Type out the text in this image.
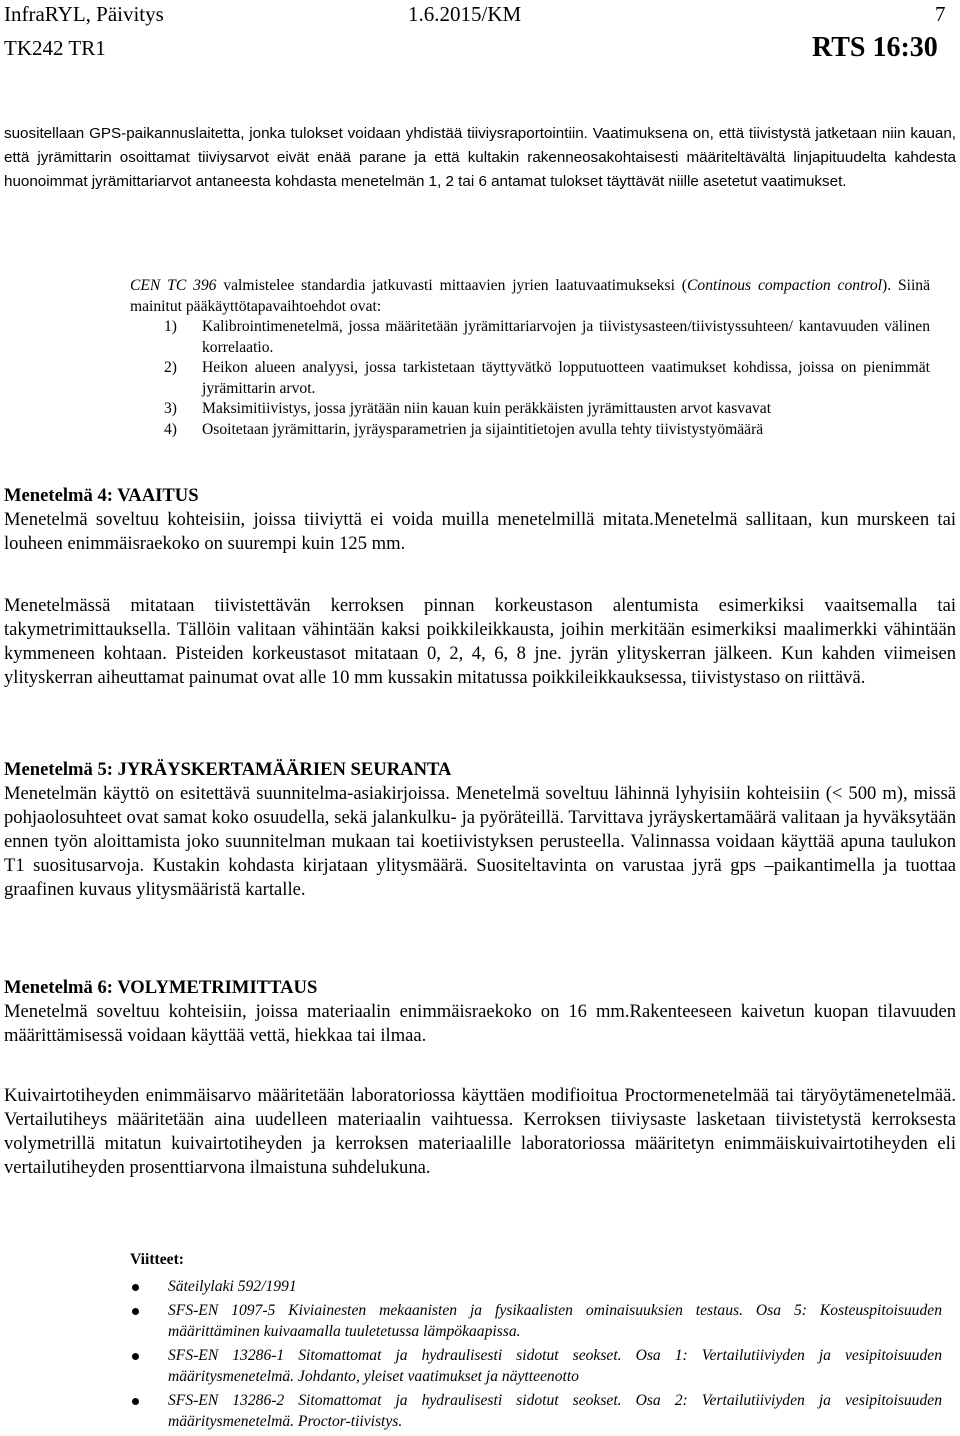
InfraRYL, Päivitys	1.6.2015/KM	7
TK242 TR1	RTS 16:30

suositellaan GPS-paikannuslaitetta, jonka tulokset voidaan yhdistää tiiviysraportointiin. Vaatimuksena on, että tiivistystä jatketaan niin kauan, että jyrämittarin osoittamat tiiviysarvot eivät enää parane ja että kultakin rakenneosakohtaisesti määriteltävältä linjapituudelta kahdesta huonoimmat jyrämittariarvot antaneesta kohdasta menetelmän 1, 2 tai 6 antamat tulokset täyttävät niille asetetut vaatimukset.

CEN TC 396 valmistelee standardia jatkuvasti mittaavien jyrien laatuvaatimukseksi (Continous compaction control). Siinä mainitut pääkäyttötapavaihtoehdot ovat:

1) Kalibrointimenetelmä, jossa määritetään jyrämittariarvojen ja tiivistysasteen/tiivistyssuhteen/ kantavuuden välinen korrelaatio.
2) Heikon alueen analyysi, jossa tarkistetaan täyttyvätkö lopputuotteen vaatimukset kohdissa, joissa on pienimmät jyrämittarin arvot.
3) Maksimitiivistys, jossa jyrätään niin kauan kuin peräkkäisten jyrämittausten arvot kasvavat
4) Osoitetaan jyrämittarin, jyräysparametrien ja sijaintitietojen avulla tehty tiivistystyömäärä

Menetelmä 4: VAAITUS

Menetelmä soveltuu kohteisiin, joissa tiiviyttä ei voida muilla menetelmillä mitata.Menetelmä sallitaan, kun murskeen tai louheen enimmäisraekoko on suurempi kuin 125 mm.

Menetelmässä mitataan tiivistettävän kerroksen pinnan korkeustason alentumista esimerkiksi vaaitsemalla tai takymetrimittauksella. Tällöin valitaan vähintään kaksi poikkileikkausta, joihin merkitään esimerkiksi maalimerkki vähintään kymmeneen kohtaan. Pisteiden korkeustasot mitataan 0, 2, 4, 6, 8 jne. jyrän ylityskerran jälkeen. Kun kahden viimeisen ylityskerran aiheuttamat painumat ovat alle 10 mm kussakin mitatussa poikkileikkauksessa, tiivistystaso on riittävä.

Menetelmä 5: JYRÄYSKERTAMÄÄRIEN SEURANTA

Menetelmän käyttö on esitettävä suunnitelma-asiakirjoissa. Menetelmä soveltuu lähinnä lyhyisiin kohteisiin (< 500 m), missä pohjaolosuhteet ovat samat koko osuudella, sekä jalankulku- ja pyöräteillä. Tarvittava jyräyskertamäärä valitaan ja hyväksytään ennen työn aloittamista joko suunnitelman mukaan tai koetiivistyksen perusteella. Valinnassa voidaan käyttää apuna taulukon T1 suositusarvoja. Kustakin kohdasta kirjataan ylitysmäärä. Suositeltavinta on varustaa jyrä gps –paikantimella ja tuottaa graafinen kuvaus ylitysmääristä kartalle.

Menetelmä 6: VOLYMETRIMITTAUS

Menetelmä soveltuu kohteisiin, joissa materiaalin enimmäisraekoko on 16 mm.Rakenteeseen kaivetun kuopan tilavuuden määrittämisessä voidaan käyttää vettä, hiekkaa tai ilmaa.

Kuivairtotiheyden enimmäisarvo määritetään laboratoriossa käyttäen modifioitua Proctormenetelmää tai täryöytämenetelmää. Vertailutiheys määritetään aina uudelleen materiaalin vaihtuessa. Kerroksen tiiviysaste lasketaan tiivistetystä kerroksesta volymetrillä mitatun kuivairtotiheyden ja kerroksen materiaalille laboratoriossa määritetyn enimmäiskuivairtotiheyden eli vertailutiheyden prosenttiarvona ilmaistuna suhdelukuna.

Viitteet:

Säteilylaki 592/1991
SFS-EN 1097-5 Kiviainesten mekaanisten ja fysikaalisten ominaisuuksien testaus. Osa 5: Kosteuspitoisuuden määrittäminen kuivaamalla tuuletetussa lämpökaapissa.
SFS-EN 13286-1 Sitomattomat ja hydraulisesti sidotut seokset. Osa 1: Vertailutiiviyden ja vesipitoisuuden määritysmenetelmä. Johdanto, yleiset vaatimukset ja näytteenotto
SFS-EN 13286-2 Sitomattomat ja hydraulisesti sidotut seokset. Osa 2: Vertailutiiviyden ja vesipitoisuuden määritysmenetelmä. Proctor-tiivistys.
